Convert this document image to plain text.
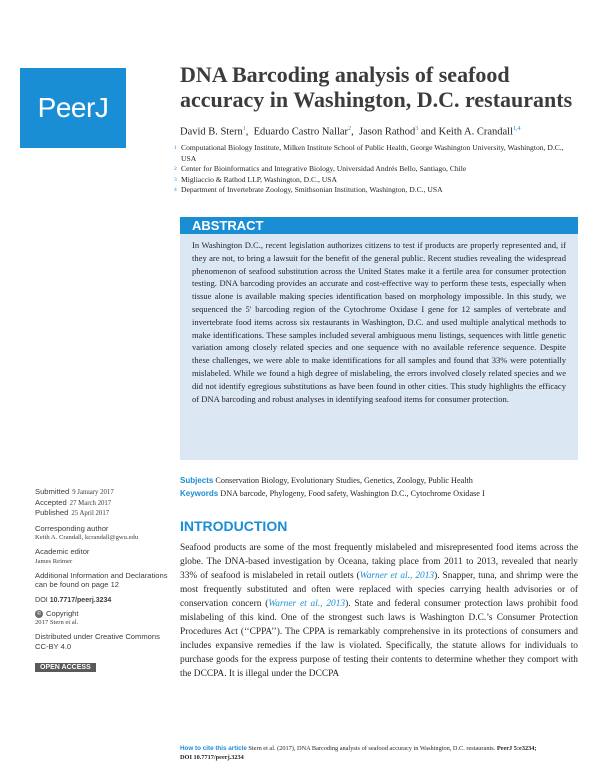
PeerJ
DNA Barcoding analysis of seafood accuracy in Washington, D.C. restaurants
David B. Stern$^1$, Eduardo Castro Nallar$^2$, Jason Rathod$^3$ and Keith A. Crandall$^{1,4}$
1 Computational Biology Institute, Milken Institute School of Public Health, George Washington University, Washington, D.C., USA
2 Center for Bioinformatics and Integrative Biology, Universidad Andrés Bello, Santiago, Chile
3 Migliaccio & Rathod LLP, Washington, D.C., USA
4 Department of Invertebrate Zoology, Smithsonian Institution, Washington, D.C., USA
ABSTRACT

In Washington D.C., recent legislation authorizes citizens to test if products are properly represented and, if they are not, to bring a lawsuit for the benefit of the general public. Recent studies revealing the widespread phenomenon of seafood substitution across the United States make it a fertile area for consumer protection testing. DNA barcoding provides an accurate and cost-effective way to perform these tests, especially when tissue alone is available making species identification based on morphology impossible. In this study, we sequenced the 5′ barcoding region of the Cytochrome Oxidase I gene for 12 samples of vertebrate and invertebrate food items across six restaurants in Washington, D.C. and used multiple analytical methods to make identifications. These samples included several ambiguous menu listings, sequences with little genetic variation among closely related species and one sequence with no available reference sequence. Despite these challenges, we were able to make identifications for all samples and found that 33% were potentially mislabeled. While we found a high degree of mislabeling, the errors involved closely related species and we did not identify egregious substitutions as have been found in other cities. This study highlights the efficacy of DNA barcoding and robust analyses in identifying seafood items for consumer protection.

Subjects Conservation Biology, Evolutionary Studies, Genetics, Zoology, Public Health
Keywords DNA barcode, Phylogeny, Food safety, Washington D.C., Cytochrome Oxidase I
Submitted 9 January 2017
Accepted 27 March 2017
Published 25 April 2017
Corresponding author
Keith A. Crandall, kcrandall@gwu.edu
Academic editor
James Reimer
Additional Information and Declarations can be found on page 12
DOI 10.7717/peerj.3234
© Copyright
2017 Stern et al.
Distributed under Creative Commons CC-BY 4.0
OPEN ACCESS
INTRODUCTION

Seafood products are some of the most frequently mislabeled and misrepresented food items across the globe. The DNA-based investigation by Oceana, taking place from 2011 to 2013, revealed that nearly 33% of seafood is mislabeled in retail outlets (Warner et al., 2013). Snapper, tuna, and shrimp were the most frequently substituted and often were replaced with species carrying health advisories or of conservation concern (Warner et al., 2013). State and federal consumer protection laws prohibit food mislabeling of this kind. One of the strongest such laws is Washington D.C.’s Consumer Protection Procedures Act (‘‘CPPA’’). The CPPA is remarkably comprehensive in its protections of consumers and includes expansive remedies if the law is violated. Specifically, the statute allows for individuals to purchase goods for the express purpose of testing their contents to determine whether they comport with the DCCPA. It is illegal under the DCCPA

How to cite this article Stern et al. (2017), DNA Barcoding analysis of seafood accuracy in Washington, D.C. restaurants. PeerJ 5:e3234;
DOI 10.7717/peerj.3234
